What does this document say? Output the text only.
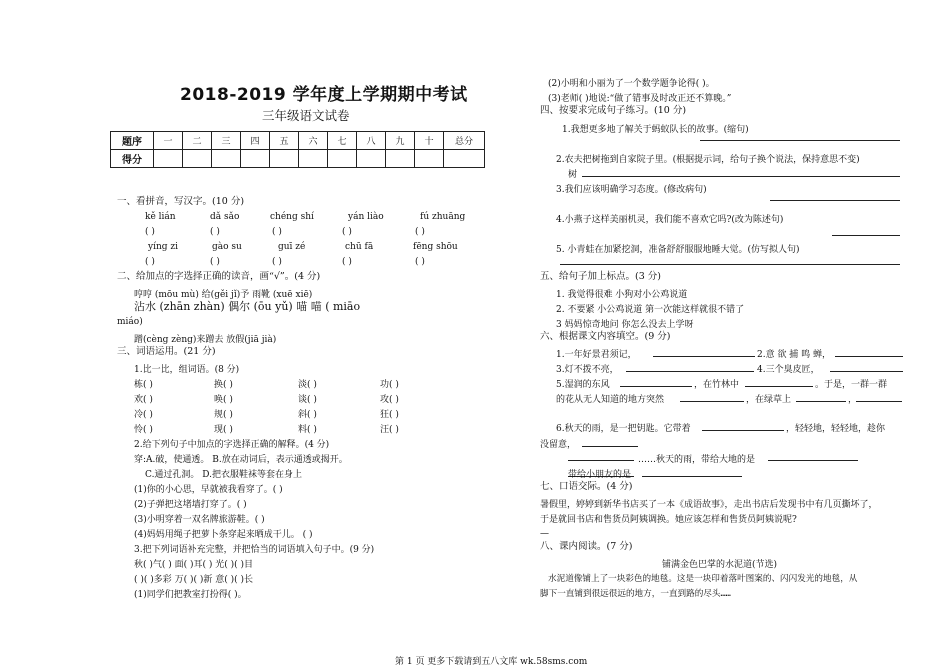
2018-2019 学年度上学期期中考试
三年级语文试卷
题序	一	二	三	四	五	六	七	八	九	十	总分
得分											
一、看拼音，写汉字。(10 分)
kě lián	dǎ sǎo	chéng shí	yán liào	fú zhuāng
( )	( )	( )	( )	( )
yíng zi	gào su	guī zé	chū fā	fēng shōu
( )	( )	( )	( )	( )
二、给加点的字选择正确的读音，画“√”。(4 分)
哼哼 (mōu mù) 给(gěi jǐ)予 雨靴 (xuē xiē)
沾水 (zhān zhàn) 偶尔 (ōu yǔ) 喵 喵 ( miāo
miáo)
蹭(cèng zèng)来蹭去 放假(jiā jià)
三、词语运用。(21 分)
1.比一比，组词语。(8 分)
栋( )	换( )	淡( )	功( )
欢( )	唤( )	谈( )	攻( )
冷( )	规( )	斜( )	狂( )
怜( )	现( )	料( )	汪( )
2.给下列句子中加点的字选择正确的解释。(4 分)
穿:A.破，使通透。 B.放在动词后，表示通透或揭开。
C.通过孔洞。 D.把衣服鞋袜等套在身上
(1)你的小心思，早就被我看穿了。( )
(2)子弹把这堵墙打穿了。( )
(3)小明穿着一双名牌旅游鞋。( )
(4)妈妈用绳子把萝卜条穿起来晒成干儿。 ( )
3.把下列词语补充完整，并把恰当的词语填入句子中。(9 分)
秋( )气( ) 面( )耳( ) 光( )( )目
( )( )多彩 万( )( )新 意( )( )长
(1)同学们把教室打扮得( )。
(2)小明和小丽为了一个数学题争论得( )。
(3)老师( )地说:“做了错事及时改正还不算晚。”
四、按要求完成句子练习。(10 分)
1.我想更多地了解关于蚂蚁队长的故事。(缩句)
2.农夫把树拖到自家院子里。(根据提示词，给句子换个说法，保持意思不变)
树
3.我们应该明确学习态度。(修改病句)
4.小燕子这样美丽机灵，我们能不喜欢它吗?(改为陈述句)
5. 小青蛙在加紧挖洞，准备舒舒服服地睡大觉。(仿写拟人句)
五、给句子加上标点。(3 分)
1. 我觉得很难 小狗对小公鸡说道
2. 不要紧 小公鸡说道 第一次能这样就很不错了
3 妈妈惊奇地问 你怎么没去上学呀
六、根据课文内容填空。(9 分)
1.一年好景君须记，	2.意 欲 捕 鸣 蝉，
3.灯不拨不亮，	4.三个臭皮匠，
5.湿润的东风	，在竹林中	。于是，一群一群
的花从无人知道的地方突然	，在绿草上	，
6.秋天的雨，是一把钥匙。它带着	，轻轻地，轻轻地，趁你
没留意，
……秋天的雨，带给大地的是
带给小朋友的是
七、口语交际。(4 分)
暑假里，婷婷到新华书店买了一本《成语故事》，走出书店后发现书中有几页撕坏了，
于是就回书店和售货员阿姨调换。她应该怎样和售货员阿姨说呢?
—
八、课内阅读。(7 分)
铺满金色巴掌的水泥道(节选)
水泥道像铺上了一块彩色的地毯。这是一块印着落叶图案的、闪闪发光的地毯，从
脚下一直铺到很远很远的地方，一直到路的尽头……
第 1 页 更多下载请到五八文库 wk.58sms.com
